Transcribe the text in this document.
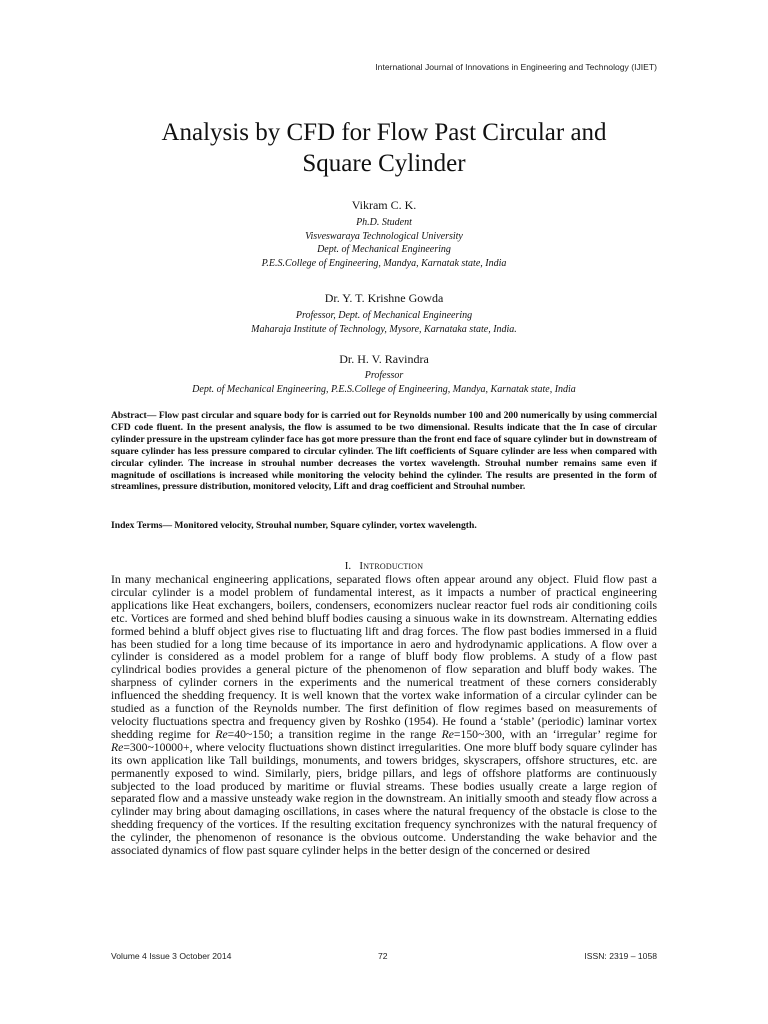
International Journal of Innovations in Engineering and Technology (IJIET)
Analysis by CFD for Flow Past Circular and
Square Cylinder
Vikram C. K.
Ph.D. Student
Visveswaraya Technological University
Dept. of Mechanical Engineering
P.E.S.College of Engineering, Mandya, Karnatak state, India
Dr. Y. T. Krishne Gowda
Professor, Dept. of Mechanical Engineering
Maharaja Institute of Technology, Mysore, Karnataka state, India.
Dr. H. V. Ravindra
Professor
Dept. of Mechanical Engineering, P.E.S.College of Engineering, Mandya, Karnatak state, India
Abstract— Flow past circular and square body for is carried out for Reynolds number 100 and 200 numerically by using commercial CFD code fluent. In the present analysis, the flow is assumed to be two dimensional. Results indicate that the In case of circular cylinder pressure in the upstream cylinder face has got more pressure than the front end face of square cylinder but in downstream of square cylinder has less pressure compared to circular cylinder. The lift coefficients of Square cylinder are less when compared with circular cylinder. The increase in strouhal number decreases the vortex wavelength. Strouhal number remains same even if magnitude of oscillations is increased while monitoring the velocity behind the cylinder. The results are presented in the form of streamlines, pressure distribution, monitored velocity, Lift and drag coefficient and Strouhal number.
Index Terms— Monitored velocity, Strouhal number, Square cylinder, vortex wavelength.
I. Introduction

In many mechanical engineering applications, separated flows often appear around any object. Fluid flow past a circular cylinder is a model problem of fundamental interest, as it impacts a number of practical engineering applications like Heat exchangers, boilers, condensers, economizers nuclear reactor fuel rods air conditioning coils etc. Vortices are formed and shed behind bluff bodies causing a sinuous wake in its downstream. Alternating eddies formed behind a bluff object gives rise to fluctuating lift and drag forces. The flow past bodies immersed in a fluid has been studied for a long time because of its importance in aero and hydrodynamic applications. A flow over a cylinder is considered as a model problem for a range of bluff body flow problems. A study of a flow past cylindrical bodies provides a general picture of the phenomenon of flow separation and bluff body wakes. The sharpness of cylinder corners in the experiments and the numerical treatment of these corners considerably influenced the shedding frequency. It is well known that the vortex wake information of a circular cylinder can be studied as a function of the Reynolds number. The first definition of flow regimes based on measurements of velocity fluctuations spectra and frequency given by Roshko (1954). He found a ‘stable’ (periodic) laminar vortex shedding regime for Re=40~150; a transition regime in the range Re=150~300, with an ‘irregular’ regime for Re=300~10000+, where velocity fluctuations shown distinct irregularities. One more bluff body square cylinder has its own application like Tall buildings, monuments, and towers bridges, skyscrapers, offshore structures, etc. are permanently exposed to wind. Similarly, piers, bridge pillars, and legs of offshore platforms are continuously subjected to the load produced by maritime or fluvial streams. These bodies usually create a large region of separated flow and a massive unsteady wake region in the downstream. An initially smooth and steady flow across a cylinder may bring about damaging oscillations, in cases where the natural frequency of the obstacle is close to the shedding frequency of the vortices. If the resulting excitation frequency synchronizes with the natural frequency of the cylinder, the phenomenon of resonance is the obvious outcome. Understanding the wake behavior and the associated dynamics of flow past square cylinder helps in the better design of the concerned or desired

Volume 4 Issue 3 October 2014	72	ISSN: 2319 – 1058
